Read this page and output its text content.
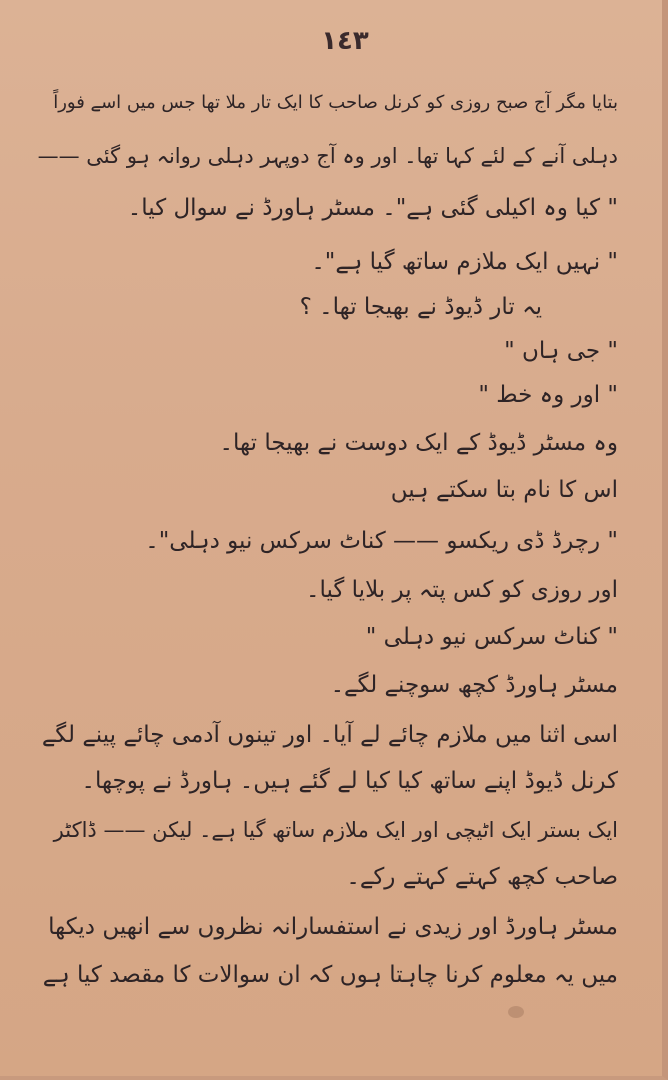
١٤٣
بتایا مگر آج صبح روزی کو کرنل صاحب کا ایک تار ملا تھا جس میں اسے فوراً
دہلی آنے کے لئے کہا تھا۔ اور وہ آج دوپہر دہلی روانہ ہو گئی ——
" کیا وہ اکیلی گئی ہے"۔ مسٹر ہاورڈ نے سوال کیا۔
" نہیں ایک ملازم ساتھ گیا ہے"۔
یہ تار ڈیوڈ نے بھیجا تھا۔ ؟
" جی ہاں "
" اور وہ خط "
وہ مسٹر ڈیوڈ کے ایک دوست نے بھیجا تھا۔
اس کا نام بتا سکتے ہیں
" رچرڈ ڈی ریکسو —— کناٹ سرکس نیو دہلی"۔
اور روزی کو کس پتہ پر بلایا گیا۔
" کناٹ سرکس نیو دہلی "
مسٹر ہاورڈ کچھ سوچنے لگے۔
اسی اثنا میں ملازم چائے لے آیا۔ اور تینوں آدمی چائے پینے لگے
کرنل ڈیوڈ اپنے ساتھ کیا کیا لے گئے ہیں۔ ہاورڈ نے پوچھا۔
ایک بستر ایک اٹیچی اور ایک ملازم ساتھ گیا ہے۔ لیکن —— ڈاکٹر
صاحب کچھ کہتے کہتے رکے۔
مسٹر ہاورڈ اور زیدی نے استفسارانہ نظروں سے انھیں دیکھا
میں یہ معلوم کرنا چاہتا ہوں کہ ان سوالات کا مقصد کیا ہے
